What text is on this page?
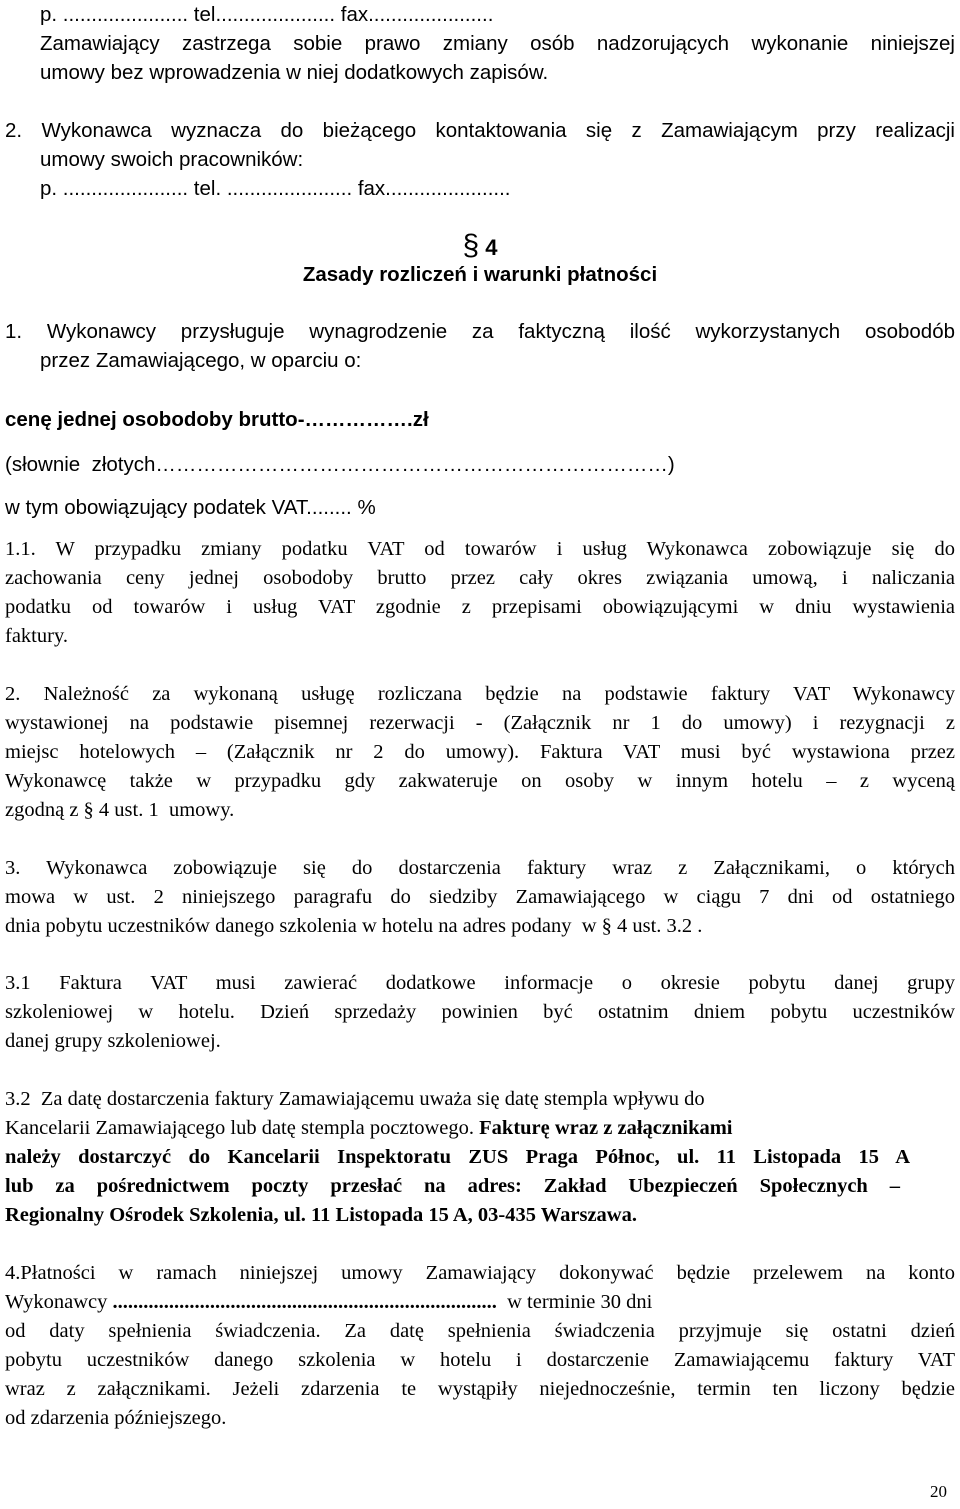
p. ...................... tel..................... fax......................
Zamawiający zastrzega sobie prawo zmiany osób nadzorujących wykonanie niniejszej
umowy bez wprowadzenia w niej dodatkowych zapisów.
2. Wykonawca wyznacza do bieżącego kontaktowania się z Zamawiającym przy realizacji
umowy swoich pracowników:
p. ...................... tel. ...................... fax......................
§ 4
Zasady rozliczeń i warunki płatności
1. Wykonawcy przysługuje wynagrodzenie za faktyczną ilość wykorzystanych osobodób
przez Zamawiającego, w oparciu o:
cenę jednej osobodoby brutto-…………….zł
(słownie  złotych…………………………………………………………………)
w tym obowiązujący podatek VAT........ %
1.1. W przypadku zmiany podatku VAT od towarów i usług Wykonawca zobowiązuje się do
zachowania ceny jednej osobodoby brutto przez cały okres związania umową, i naliczania
podatku od towarów i usług VAT zgodnie z przepisami obowiązującymi w dniu wystawienia
faktury.
2. Należność za wykonaną usługę rozliczana będzie na podstawie faktury VAT Wykonawcy
wystawionej na podstawie pisemnej rezerwacji - (Załącznik nr 1 do umowy) i rezygnacji z
miejsc hotelowych – (Załącznik nr 2 do umowy). Faktura VAT musi być wystawiona przez
Wykonawcę także w przypadku gdy zakwateruje on osoby w innym hotelu – z wyceną
zgodną z § 4 ust. 1  umowy.
3. Wykonawca zobowiązuje się do dostarczenia faktury wraz z Załącznikami, o których
mowa w ust. 2 niniejszego paragrafu do siedziby Zamawiającego w ciągu 7 dni od ostatniego
dnia pobytu uczestników danego szkolenia w hotelu na adres podany  w § 4 ust. 3.2 .
3.1 Faktura VAT musi zawierać dodatkowe informacje o okresie pobytu danej grupy
szkoleniowej w hotelu. Dzień sprzedaży powinien być ostatnim dniem pobytu uczestników
danej grupy szkoleniowej.
3.2  Za datę dostarczenia faktury Zamawiającemu uważa się datę stempla wpływu do
Kancelarii Zamawiającego lub datę stempla pocztowego. Fakturę wraz z załącznikami
należy dostarczyć do Kancelarii Inspektoratu ZUS Praga Północ, ul. 11 Listopada 15 A
lub za pośrednictwem poczty przesłać na adres: Zakład Ubezpieczeń Społecznych –
Regionalny Ośrodek Szkolenia, ul. 11 Listopada 15 A, 03-435 Warszawa.
4.Płatności w ramach niniejszej umowy Zamawiający dokonywać będzie przelewem na konto
Wykonawcy ........................................................................... w terminie 30 dni
od daty spełnienia świadczenia. Za datę spełnienia świadczenia przyjmuje się ostatni dzień
pobytu uczestników danego szkolenia w hotelu i dostarczenie Zamawiającemu faktury VAT
wraz z załącznikami. Jeżeli zdarzenia te wystąpiły niejednocześnie, termin ten liczony będzie
od zdarzenia późniejszego.
20
